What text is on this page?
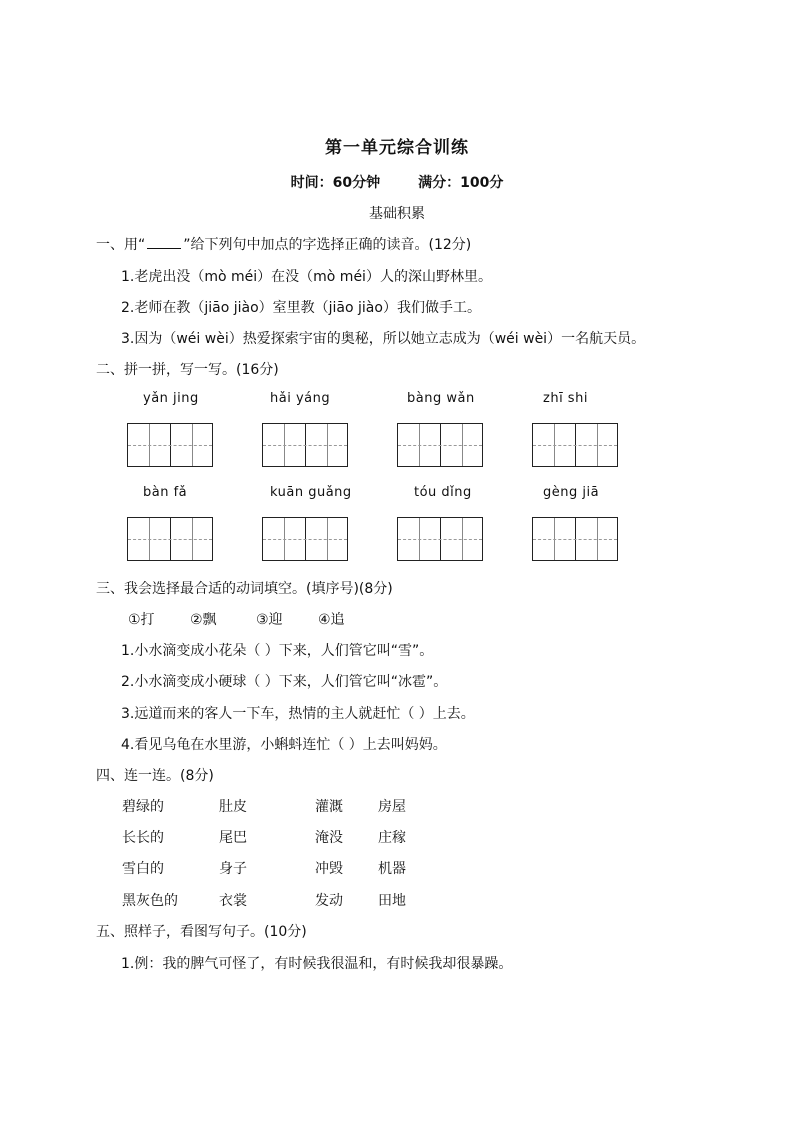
第一单元综合训练
时间：60分钟	满分：100分
基础积累
一、用“	”给下列句中加点的字选择正确的读音。(12分)
1.老虎出没（mò méi）在没（mò méi）人的深山野林里。
2.老师在教（jiāo jiào）室里教（jiāo jiào）我们做手工。
3.因为（wéi wèi）热爱探索宇宙的奥秘，所以她立志成为（wéi wèi）一名航天员。
二、拼一拼，写一写。(16分)
yǎn jing	hǎi yáng	bàng wǎn	zhī shi
bàn fǎ	kuān guǎng	tóu dǐng	gèng jiā
三、我会选择最合适的动词填空。(填序号)(8分)
①打	②飘	③迎	④追
1.小水滴变成小花朵（ ）下来，人们管它叫“雪”。
2.小水滴变成小硬球（ ）下来，人们管它叫“冰雹”。
3.远道而来的客人一下车，热情的主人就赶忙（ ）上去。
4.看见乌龟在水里游，小蝌蚪连忙（ ）上去叫妈妈。
四、连一连。(8分)
碧绿的	肚皮	灌溉	房屋
长长的	尾巴	淹没	庄稼
雪白的	身子	冲毁	机器
黑灰色的	衣裳	发动	田地
五、照样子，看图写句子。(10分)
1.例：我的脾气可怪了，有时候我很温和，有时候我却很暴躁。
